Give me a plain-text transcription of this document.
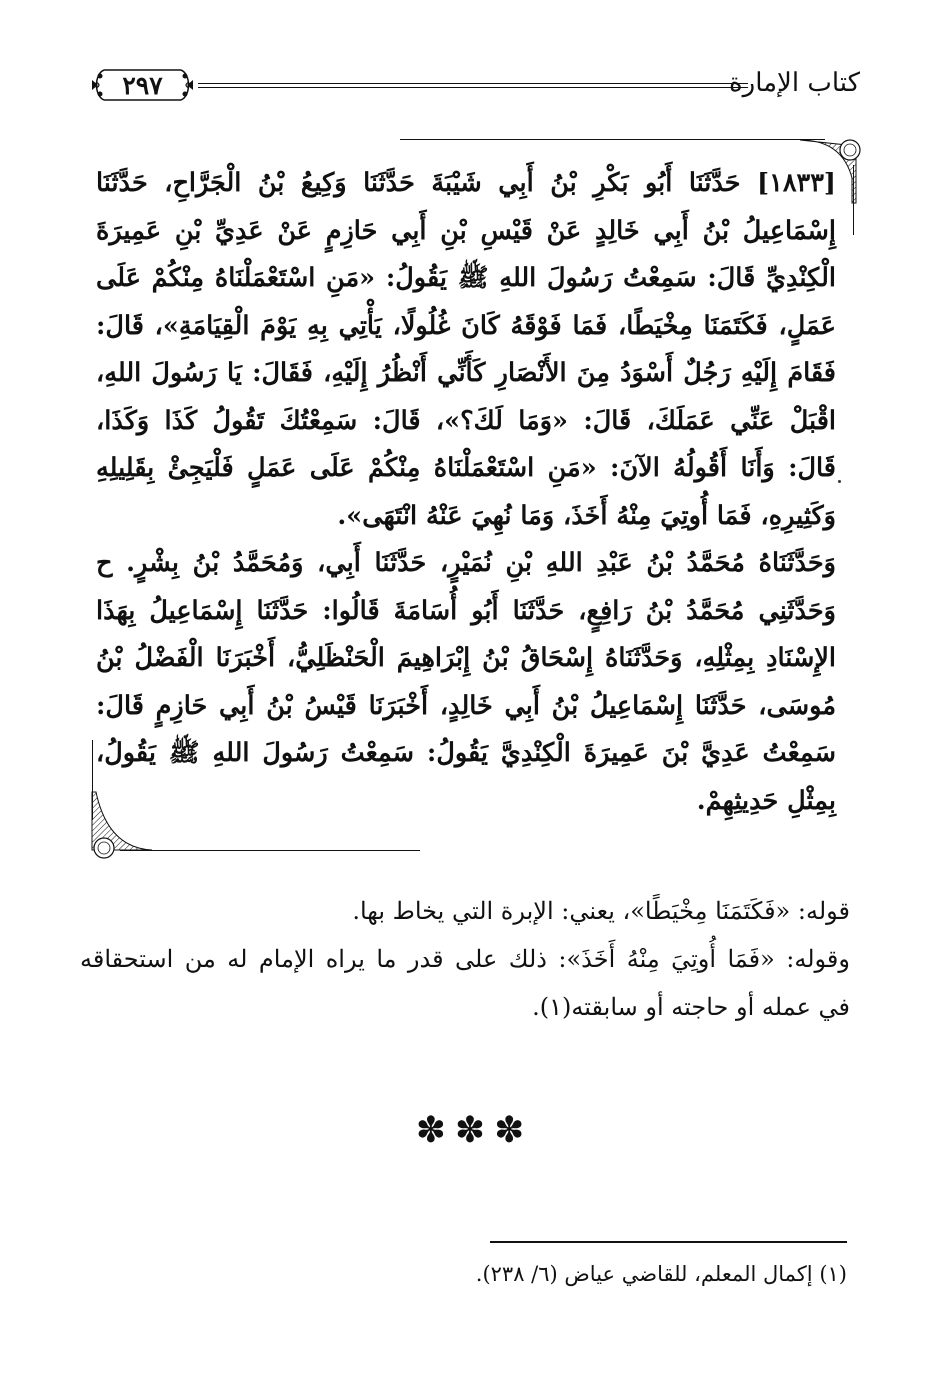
٢٩٧	كتاب الإمارة
[١٨٣٣] حَدَّثَنَا أَبُو بَكْرِ بْنُ أَبِي شَيْبَةَ حَدَّثَنَا وَكِيعُ بْنُ الْجَرَّاحِ، حَدَّثَنَا
إِسْمَاعِيلُ بْنُ أَبِي خَالِدٍ عَنْ قَيْسِ بْنِ أَبِي حَازِمٍ عَنْ عَدِيِّ بْنِ عَمِيرَةَ
الْكِنْدِيِّ قَالَ: سَمِعْتُ رَسُولَ اللهِ ﷺ يَقُولُ: «مَنِ اسْتَعْمَلْنَاهُ مِنْكُمْ عَلَى
عَمَلٍ، فَكَتَمَنَا مِخْيَطًا، فَمَا فَوْقَهُ كَانَ غُلُولًا، يَأْتِي بِهِ يَوْمَ الْقِيَامَةِ»، قَالَ:
فَقَامَ إِلَيْهِ رَجُلٌ أَسْوَدُ مِنَ الأَنْصَارِ كَأَنِّي أَنْظُرُ إِلَيْهِ، فَقَالَ: يَا رَسُولَ اللهِ،
اقْبَلْ عَنِّي عَمَلَكَ، قَالَ: «وَمَا لَكَ؟»، قَالَ: سَمِعْتُكَ تَقُولُ كَذَا وَكَذَا،
قَالَ: وَأَنَا أَقُولُهُ الآنَ: «مَنِ اسْتَعْمَلْنَاهُ مِنْكُمْ عَلَى عَمَلٍ فَلْيَجِئْ بِقَلِيلِهِ
وَكَثِيرِهِ، فَمَا أُوتِيَ مِنْهُ أَخَذَ، وَمَا نُهِيَ عَنْهُ انْتَهَى».
وَحَدَّثَنَاهُ مُحَمَّدُ بْنُ عَبْدِ اللهِ بْنِ نُمَيْرٍ، حَدَّثَنَا أَبِي، وَمُحَمَّدُ بْنُ بِشْرٍ. ح
وَحَدَّثَنِي مُحَمَّدُ بْنُ رَافِعٍ، حَدَّثَنَا أَبُو أُسَامَةَ قَالُوا: حَدَّثَنَا إِسْمَاعِيلُ بِهَذَا
الإِسْنَادِ بِمِثْلِهِ، وَحَدَّثَنَاهُ إِسْحَاقُ بْنُ إِبْرَاهِيمَ الْحَنْظَلِيُّ، أَخْبَرَنَا الْفَضْلُ بْنُ
مُوسَى، حَدَّثَنَا إِسْمَاعِيلُ بْنُ أَبِي خَالِدٍ، أَخْبَرَنَا قَيْسُ بْنُ أَبِي حَازِمٍ قَالَ:
سَمِعْتُ عَدِيَّ بْنَ عَمِيرَةَ الْكِنْدِيَّ يَقُولُ: سَمِعْتُ رَسُولَ اللهِ ﷺ يَقُولُ،
بِمِثْلِ حَدِيثِهِمْ.
قوله: «فَكَتَمَنَا مِخْيَطًا»، يعني: الإبرة التي يخاط بها.
وقوله: «فَمَا أُوتِيَ مِنْهُ أَخَذَ»: ذلك على قدر ما يراه الإمام له من استحقاقه
في عمله أو حاجته أو سابقته(١).
✽ ✽ ✽
(١) إكمال المعلم، للقاضي عياض (٦/ ٢٣٨).
